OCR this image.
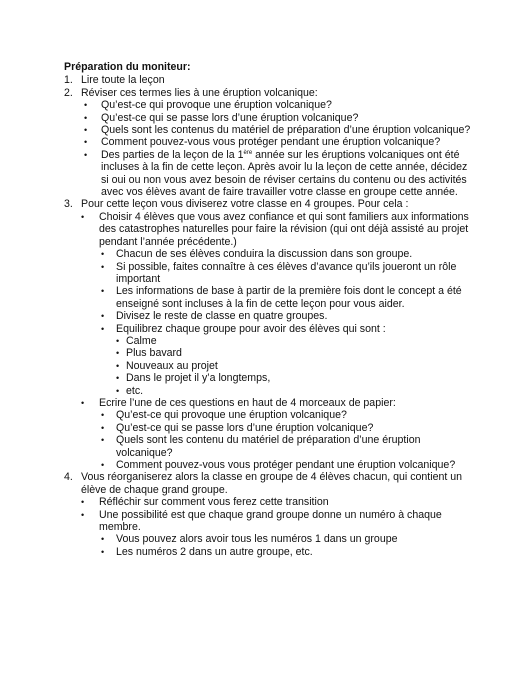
Préparation du moniteur:
1. Lire toute la leçon
2. Réviser ces termes lies à une éruption volcanique:
• Qu’est-ce qui provoque une éruption volcanique?
• Qu’est-ce qui se passe lors d’une éruption volcanique?
• Quels sont les contenus du matériel de préparation d’une éruption volcanique?
• Comment pouvez-vous vous protéger pendant une éruption volcanique?
• Des parties de la leçon de la 1ère année sur les éruptions volcaniques ont été incluses à la fin de cette leçon. Après avoir lu la leçon de cette année, décidez si oui ou non vous avez besoin de réviser certains du contenu ou des activités avec vos élèves avant de faire travailler votre classe en groupe cette année.
3. Pour cette leçon vous diviserez votre classe en 4 groupes. Pour cela :
• Choisir 4 élèves que vous avez confiance et qui sont familiers aux informations des catastrophes naturelles pour faire la révision (qui ont déjà assisté au projet pendant l’année précédente.)
• Chacun de ses élèves conduira la discussion dans son groupe.
• Si possible, faites connaître à ces élèves d’avance qu’ils joueront un rôle important
• Les informations de base à partir de la première fois dont le concept a été enseigné sont incluses à la fin de cette leçon pour vous aider.
• Divisez le reste de classe en quatre groupes.
• Equilibrez chaque groupe pour avoir des élèves qui sont :
• Calme
• Plus bavard
• Nouveaux au projet
• Dans le projet il y’a longtemps,
• etc.
• Ecrire l’une de ces questions en haut de 4 morceaux de papier:
• Qu’est-ce qui provoque une éruption volcanique?
• Qu’est-ce qui se passe lors d’une éruption volcanique?
• Quels sont les contenu du matériel de préparation d’une éruption volcanique?
• Comment pouvez-vous vous protéger pendant une éruption volcanique?
4. Vous réorganiserez alors la classe en groupe de 4 élèves chacun, qui contient un élève de chaque grand groupe.
• Réfléchir sur comment vous ferez cette transition
• Une possibilité est que chaque grand groupe donne un numéro à chaque membre.
• Vous pouvez alors avoir tous les numéros 1 dans un groupe
• Les numéros 2 dans un autre groupe, etc.
